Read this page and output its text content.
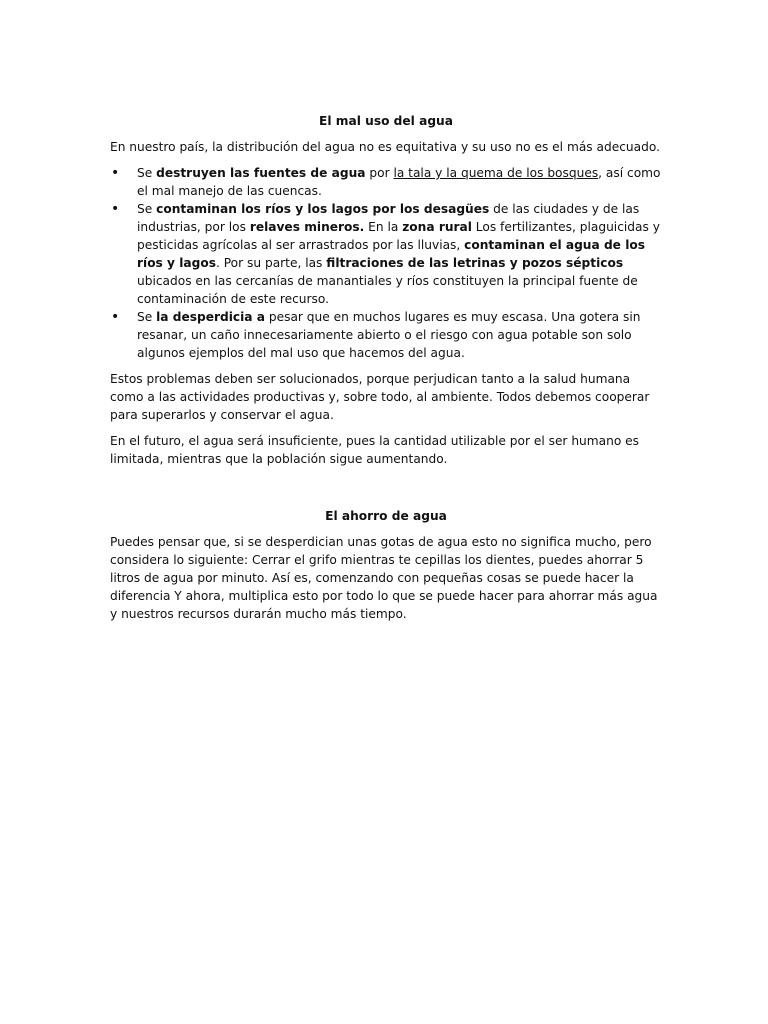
El mal uso del agua

En nuestro país, la distribución del agua no es equitativa y su uso no es el más adecuado.

• Se destruyen las fuentes de agua por la tala y la quema de los bosques, así como el mal manejo de las cuencas.
• Se contaminan los ríos y los lagos por los desagües de las ciudades y de las industrias, por los relaves mineros. En la zona rural Los fertilizantes, plaguicidas y pesticidas agrícolas al ser arrastrados por las lluvias, contaminan el agua de los ríos y lagos. Por su parte, las filtraciones de las letrinas y pozos sépticos ubicados en las cercanías de manantiales y ríos constituyen la principal fuente de contaminación de este recurso.
• Se la desperdicia a pesar que en muchos lugares es muy escasa. Una gotera sin resanar, un caño innecesariamente abierto o el riesgo con agua potable son solo algunos ejemplos del mal uso que hacemos del agua.

Estos problemas deben ser solucionados, porque perjudican tanto a la salud humana como a las actividades productivas y, sobre todo, al ambiente. Todos debemos cooperar para superarlos y conservar el agua.

En el futuro, el agua será insuficiente, pues la cantidad utilizable por el ser humano es limitada, mientras que la población sigue aumentando.

El ahorro de agua

Puedes pensar que, si se desperdician unas gotas de agua esto no significa mucho, pero considera lo siguiente: Cerrar el grifo mientras te cepillas los dientes, puedes ahorrar 5 litros de agua por minuto. Así es, comenzando con pequeñas cosas se puede hacer la diferencia Y ahora, multiplica esto por todo lo que se puede hacer para ahorrar más agua y nuestros recursos durarán mucho más tiempo.
